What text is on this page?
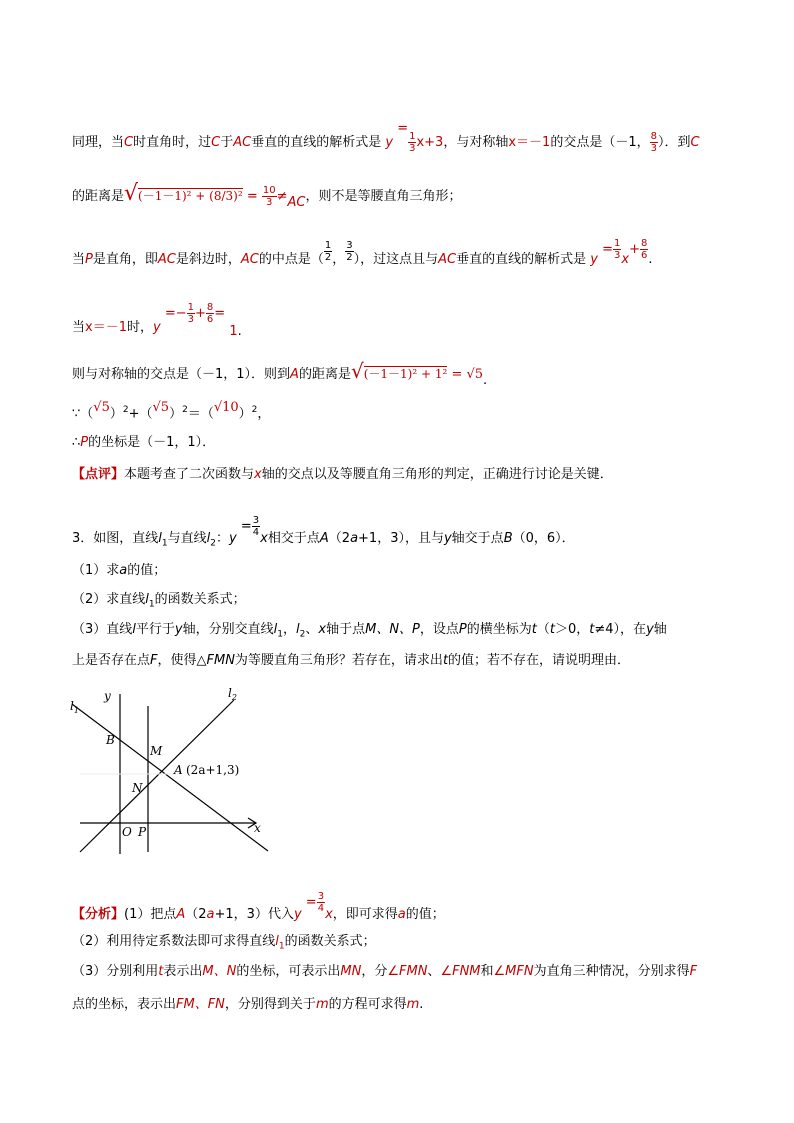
同理，当C时直角时，过C于AC垂直的直线的解析式是 y =
$\frac{1}{3} x+3$，与对称轴x＝－1的交点是（－1， $\frac{8}{3}$ ）．到C
的距离是$√(-1-1)^2 + (8/3)^2 = \frac{10}{3} \ne AC$，则不是等腰直角三角形；
当P是直角，即AC是斜边时，AC的中点是（ $\frac{1}{2}$ ， $\frac{3}{2}$ ），过这点且与AC垂直的直线的解析式是 $y = \frac{1}{3} x+ \frac{8}{6}$ .
当x＝－1时，$y =- \frac{1}{3} + \frac{8}{6} = 1$.
则与对称轴的交点是（－1，1）．则到A的距离是√(－1－1)² + 1² = √5.
$\because(√5)^2+(√5)^2=(√10)^2$，
∴P的坐标是（－1，1）．
【点评】本题考查了二次函数与x轴的交点以及等腰直角三角形的判定，正确进行讨论是关键．
3．如图，直线$l_1$与直线$l_2$：$y = \frac{3}{4}$
x相交于点A（2a+1，3），且与y轴交于点B（0，6）．
（1）求a的值；
（2）求直线$l_1$的函数关系式；
（3）直线l平行于y轴，分别交直线$l_1$，$l_2$、x轴于点M、N、P，设点P的横坐标为t（t＞0，t≠4），在y轴
上是否存在点F，使得△FMN为等腰直角三角形？若存在，请求出t的值；若不存在，请说明理由．
$l_1$
$l_2$
y
x
B
M
N
A (2a+1,3)
O P
【分析】(1）把点A（2a+1，3）代入$y = \frac{3}{4}$
x，即可求得a的值；
（2）利用待定系数法即可求得直线$l_1$的函数关系式；
（3）分别利用t表示出M、N的坐标，可表示出MN，分∠FMN、∠FNM和∠MFN为直角三种情况，分别求得F
点的坐标，表示出FM、FN，分别得到关于m的方程可求得m.
